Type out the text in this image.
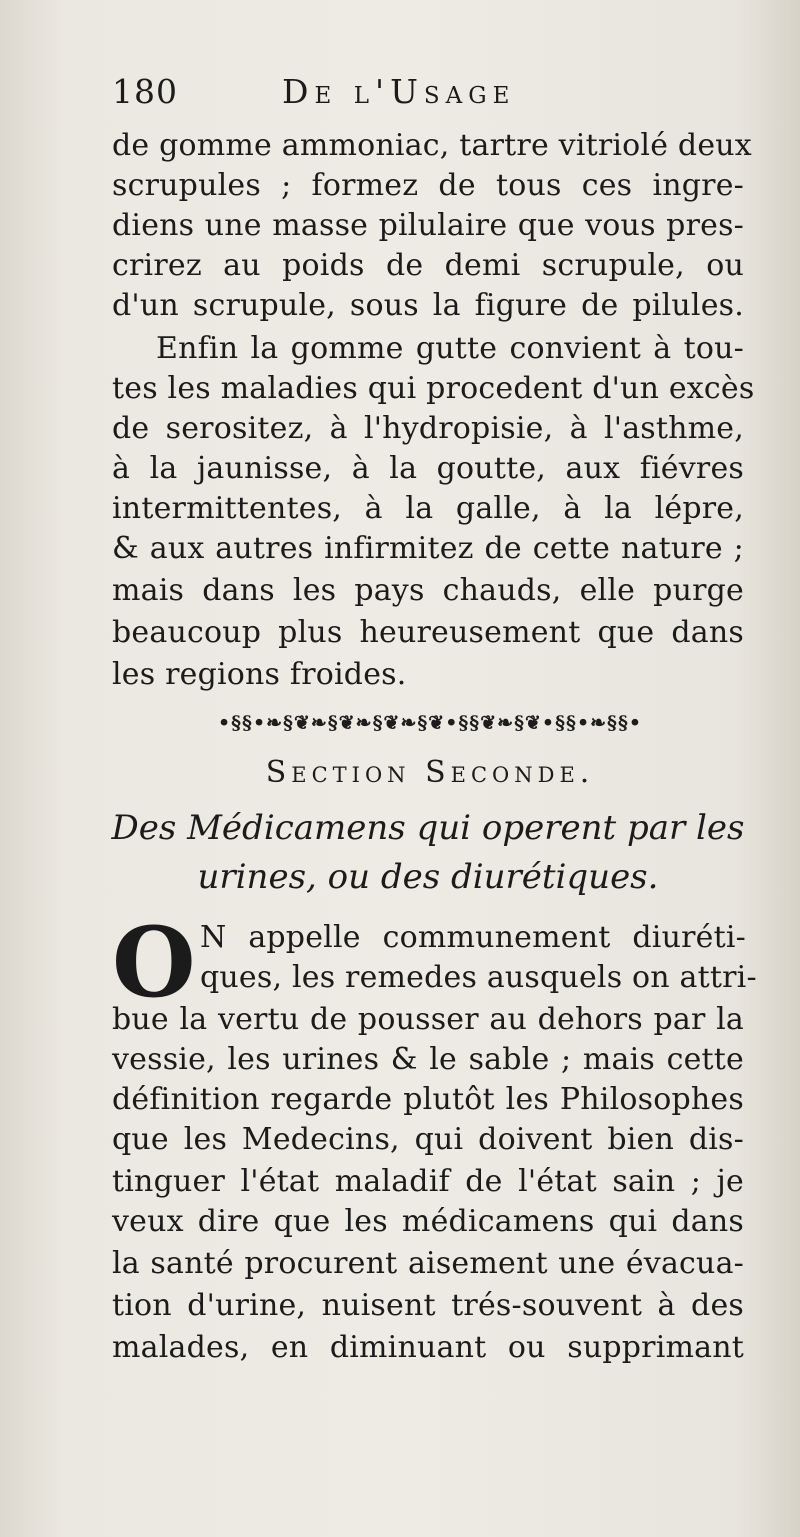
180	De l'Usage
de gomme ammoniac, tartre vitriolé deux
scrupules ; formez de tous ces ingre-
diens une masse pilulaire que vous pres-
crirez au poids de demi scrupule, ou
d'un scrupule, sous la figure de pilules.
Enfin la gomme gutte convient à tou-
tes les maladies qui procedent d'un excès
de serositez, à l'hydropisie, à l'asthme,
à la jaunisse, à la goutte, aux fiévres
intermittentes, à la galle, à la lépre,
& aux autres infirmitez de cette nature ;
mais dans les pays chauds, elle purge
beaucoup plus heureusement que dans
les regions froides.
•§§•❧§❦❧§❦❧§❦❧§❦•§§❦❧§❦•§§•❧§§•
Section Seconde.
Des Médicamens qui operent par les
urines, ou des diurétiques.
O N appelle communement diuréti-
ques, les remedes ausquels on attri-
bue la vertu de pousser au dehors par la
vessie, les urines & le sable ; mais cette
définition regarde plutôt les Philosophes
que les Medecins, qui doivent bien dis-
tinguer l'état maladif de l'état sain ; je
veux dire que les médicamens qui dans
la santé procurent aisement une évacua-
tion d'urine, nuisent trés-souvent à des
malades, en diminuant ou supprimant
